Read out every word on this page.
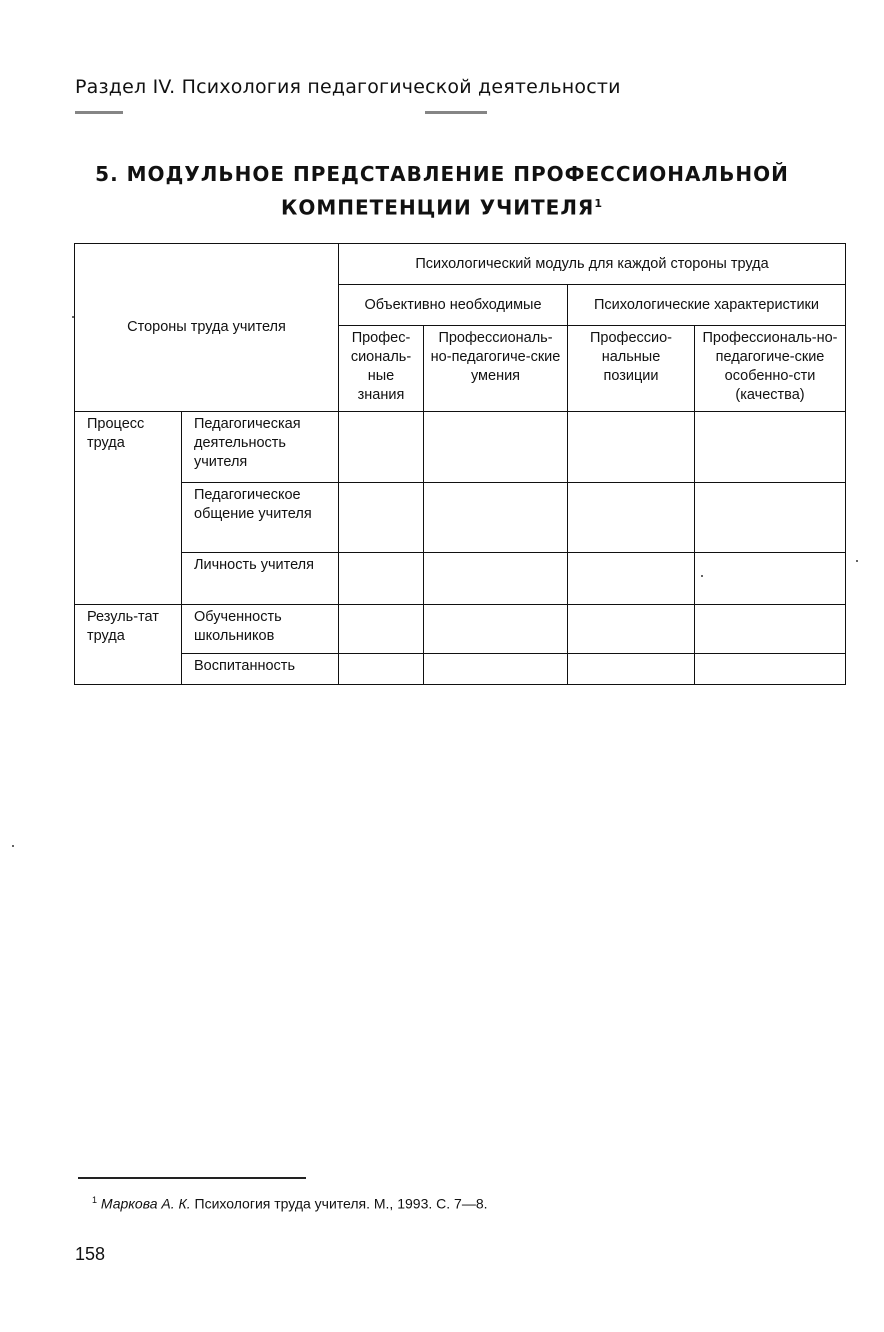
Раздел IV. Психология педагогической деятельности
5. МОДУЛЬНОЕ ПРЕДСТАВЛЕНИЕ ПРОФЕССИОНАЛЬНОЙ
КОМПЕТЕНЦИИ УЧИТЕЛЯ$^1$
Стороны труда учителя		Психологический модуль для каждой стороны труда			
		Объективно необходимые		Психологические характеристики	
		Профес-сиональ-ные знания	Профессиональ-но-педагогиче-ские умения	Профессио-нальные позиции	Профессиональ-но-педагогиче-ские особенно-сти (качества)
Процесс труда	Педагогическая деятельность учителя				
	Педагогическое общение учителя				
	Личность учителя				
Резуль-тат труда	Обученность школьников				
	Воспитанность				
$^1$ Маркова А. К. Психология труда учителя. М., 1993. С. 7—8.
158
